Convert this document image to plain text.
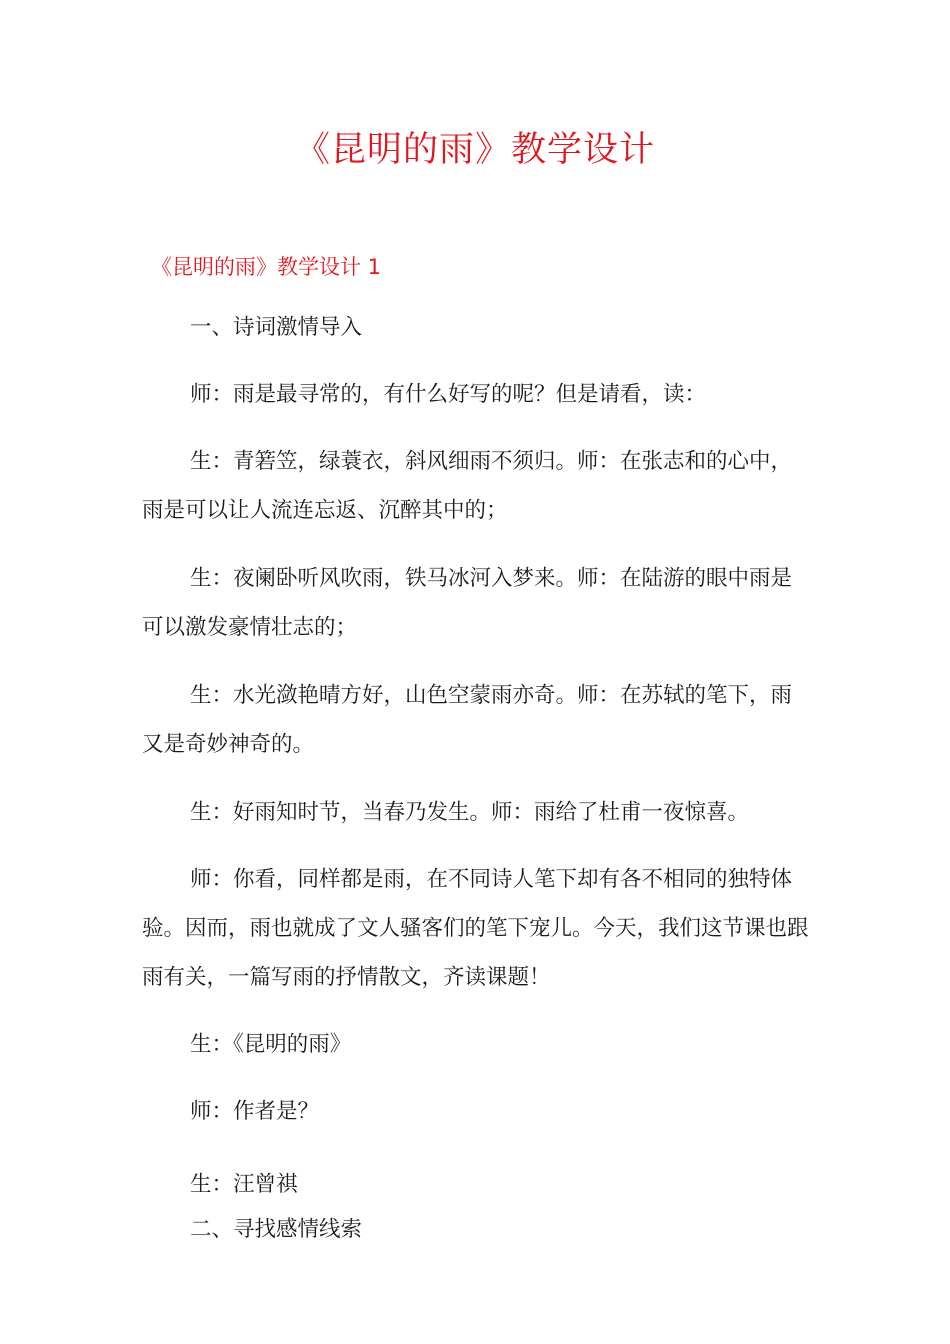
《昆明的雨》教学设计
《昆明的雨》教学设计 1

一、诗词激情导入

师：雨是最寻常的，有什么好写的呢？但是请看，读：

生：青箬笠，绿蓑衣，斜风细雨不须归。师：在张志和的心中，雨是可以让人流连忘返、沉醉其中的；

生：夜阑卧听风吹雨，铁马冰河入梦来。师：在陆游的眼中雨是可以激发豪情壮志的；

生：水光潋艳晴方好，山色空蒙雨亦奇。师：在苏轼的笔下，雨又是奇妙神奇的。

生：好雨知时节，当春乃发生。师：雨给了杜甫一夜惊喜。

师：你看，同样都是雨，在不同诗人笔下却有各不相同的独特体验。因而，雨也就成了文人骚客们的笔下宠儿。今天，我们这节课也跟雨有关，一篇写雨的抒情散文，齐读课题！

生：《昆明的雨》

师：作者是？

生：汪曾祺

二、寻找感情线索
